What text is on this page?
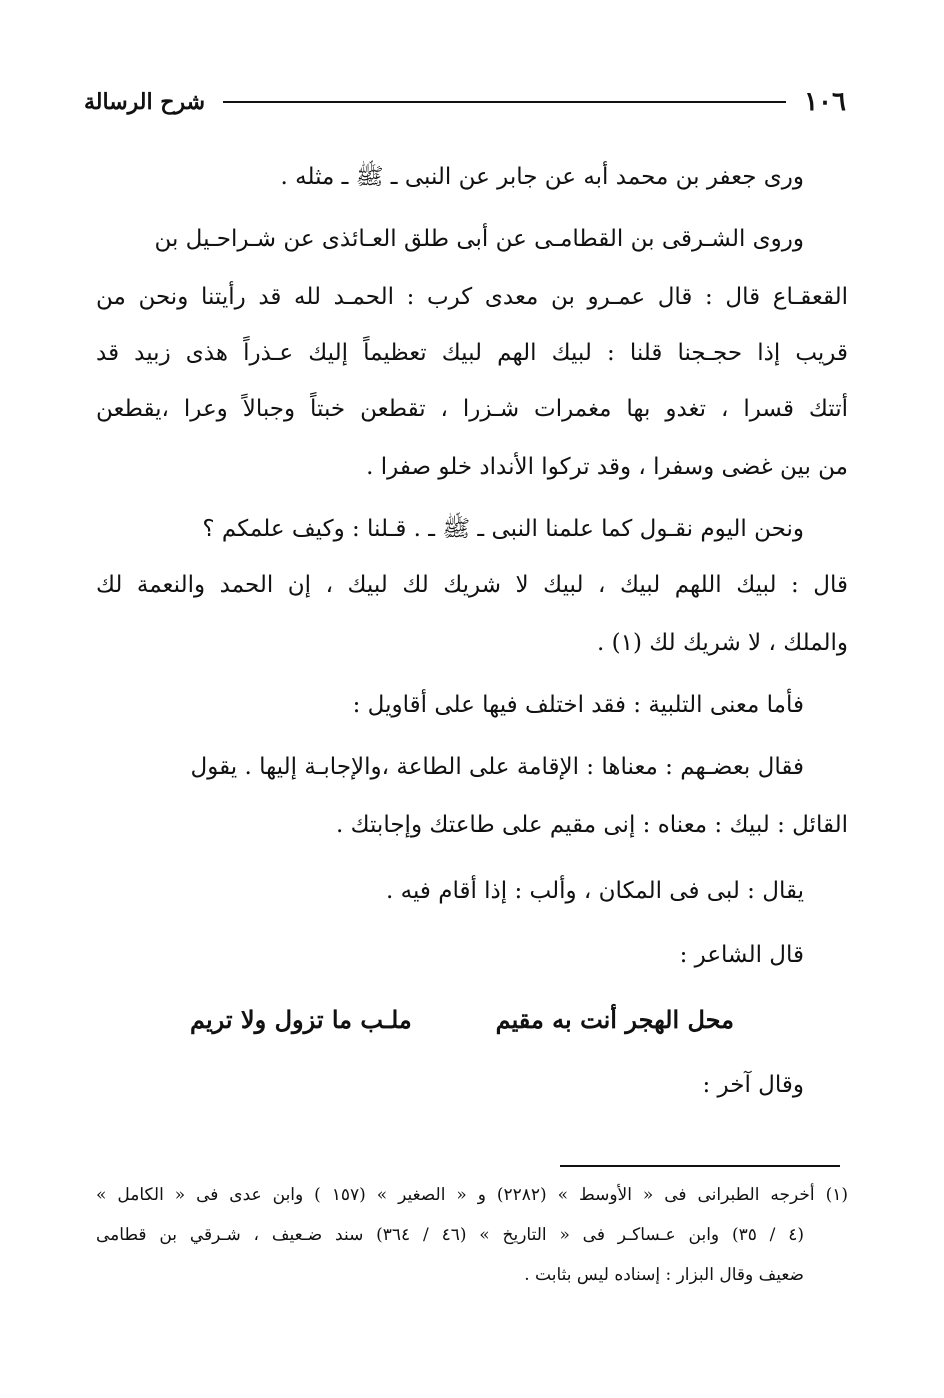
شرح الرسالة	١٠٦
ورى جعفر بن محمد أبه عن جابر عن النبى ـ ﷺ ـ مثله .
وروى الشـرقى بن القطامـى عن أبى طلق العـائذى عن شـراحـيل بن
القعقـاع قال : قال عمـرو بن معدى كرب : الحمـد لله قد رأيتنا ونحن من
قريب إذا حجـجنا قلنا : لبيك الهم لبيك تعظيماً إليك عـذراً هذى زبيد قد
أتتك قسرا ، تغدو بها مغمرات شـزرا ، تقطعن خبتاً وجبالاً وعرا ،يقطعن
من بين غضى وسفرا ، وقد تركوا الأنداد خلو صفرا .
ونحن اليوم نقـول كما علمنا النبى ـ ﷺ ـ . قـلنا : وكيف علمكم ؟
قال : لبيك اللهم لبيك ، لبيك لا شريك لك لبيك ، إن الحمد والنعمة لك
والملك ، لا شريك لك (١) .
فأما معنى التلبية : فقد اختلف فيها على أقاويل :
فقال بعضـهم : معناها : الإقامة على الطاعة ،والإجابـة إليها . يقول
القائل : لبيك : معناه : إنى مقيم على طاعتك وإجابتك .
يقال : لبى فى المكان ، وألب : إذا أقام فيه .
قال الشاعر :
محل الهجر أنت به مقيم
ملـب ما تزول ولا تريم
وقال آخر :
(١) أخرجه الطبرانى فى « الأوسط » (٢٢٨٢) و « الصغير » (١٥٧ ) وابن عدى فى « الكامل »
(٤ / ٣٥) وابن عـساكـر فى « التاريخ » (٤٦ / ٣٦٤) سند ضـعيف ، شـرقي بن قطامى
ضعيف وقال البزار : إسناده ليس بثابت .
